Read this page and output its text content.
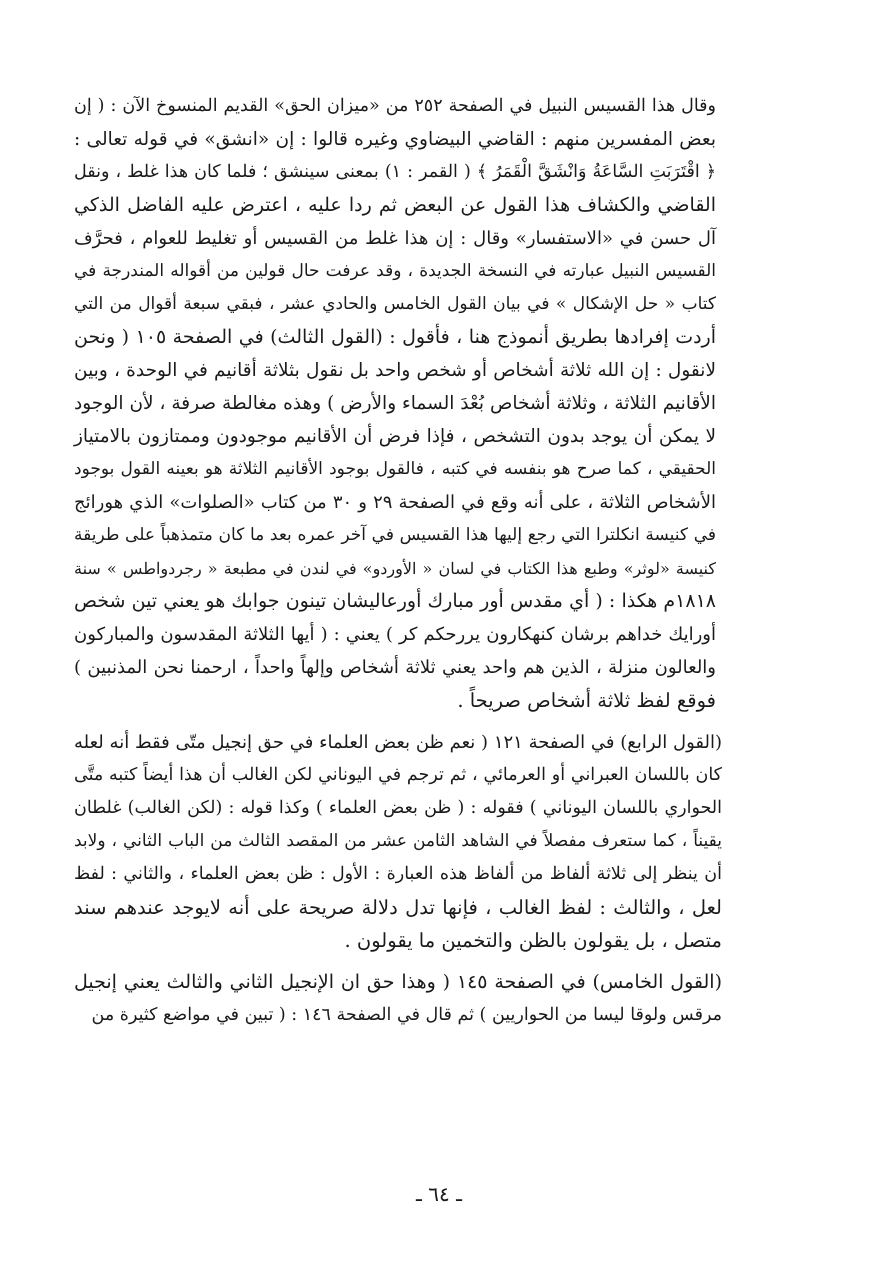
وقال هذا القسيس النبيل في الصفحة ٢٥٢ من «ميزان الحق» القديم المنسوخ الآن : ( إن
بعض المفسرين منهم : القاضي البيضاوي وغيره قالوا : إن «انشق» في قوله تعالى :
﴿ اقْتَرَبَتِ السَّاعَةُ وَانْشَقَّ الْقَمَرُ ﴾ ( القمر : ١) بمعنى سينشق ؛ فلما كان هذا غلط ، ونقل
القاضي والكشاف هذا القول عن البعض ثم ردا عليه ، اعترض عليه الفاضل الذكي
آل حسن في «الاستفسار» وقال : إن هذا غلط من القسيس أو تغليط للعوام ، فحرَّف
القسيس النبيل عبارته في النسخة الجديدة ، وقد عرفت حال قولين من أقواله المندرجة في
كتاب « حل الإشكال » في بيان القول الخامس والحادي عشر ، فبقي سبعة أقوال من التي
أردت إفرادها بطريق أنموذج هنا ، فأقول : (القول الثالث) في الصفحة ١٠٥ ( ونحن
لانقول : إن الله ثلاثة أشخاص أو شخص واحد بل نقول بثلاثة أقانيم في الوحدة ، وبين
الأقانيم الثلاثة ، وثلاثة أشخاص بُعْدَ السماء والأرض ) وهذه مغالطة صرفة ، لأن الوجود
لا يمكن أن يوجد بدون التشخص ، فإذا فرض أن الأقانيم موجودون وممتازون بالامتياز
الحقيقي ، كما صرح هو بنفسه في كتبه ، فالقول بوجود الأقانيم الثلاثة هو بعينه القول بوجود
الأشخاص الثلاثة ، على أنه وقع في الصفحة ٢٩ و ٣٠ من كتاب «الصلوات» الذي هورائج
في كنيسة انكلترا التي رجع إليها هذا القسيس في آخر عمره بعد ما كان متمذهباً على طريقة
كنيسة «لوثر» وطبع هذا الكتاب في لسان « الأوردو» في لندن في مطبعة « رجردواطس » سنة
١٨١٨م هكذا : ( أي مقدس أور مبارك أورعاليشان تينون جوابك هو يعني تين شخص
أورايك خداهم برشان كنهكارون يررحكم كر ) يعني : ( أيها الثلاثة المقدسون والمباركون
والعالون منزلة ، الذين هم واحد يعني ثلاثة أشخاص وإلهاً واحداً ، ارحمنا نحن المذنبين )
فوقع لفظ ثلاثة أشخاص صريحاً .

(القول الرابع) في الصفحة ١٢١ ( نعم ظن بعض العلماء في حق إنجيل متّى فقط أنه لعله
كان باللسان العبراني أو العرمائي ، ثم ترجم في اليوناني لكن الغالب أن هذا أيضاً كتبه متَّى
الحواري باللسان اليوناني ) فقوله : ( ظن بعض العلماء ) وكذا قوله : (لكن الغالب) غلطان
يقيناً ، كما ستعرف مفصلاً في الشاهد الثامن عشر من المقصد الثالث من الباب الثاني ، ولابد
أن ينظر إلى ثلاثة ألفاظ من ألفاظ هذه العبارة : الأول : ظن بعض العلماء ، والثاني : لفظ
لعل ، والثالث : لفظ الغالب ، فإنها تدل دلالة صريحة على أنه لايوجد عندهم سند
متصل ، بل يقولون بالظن والتخمين ما يقولون .

(القول الخامس) في الصفحة ١٤٥ ( وهذا حق ان الإنجيل الثاني والثالث يعني إنجيل
مرقس ولوقا ليسا من الحواريين ) ثم قال في الصفحة ١٤٦ : ( تبين في مواضع كثيرة من

ـ ٦٤ ـ
